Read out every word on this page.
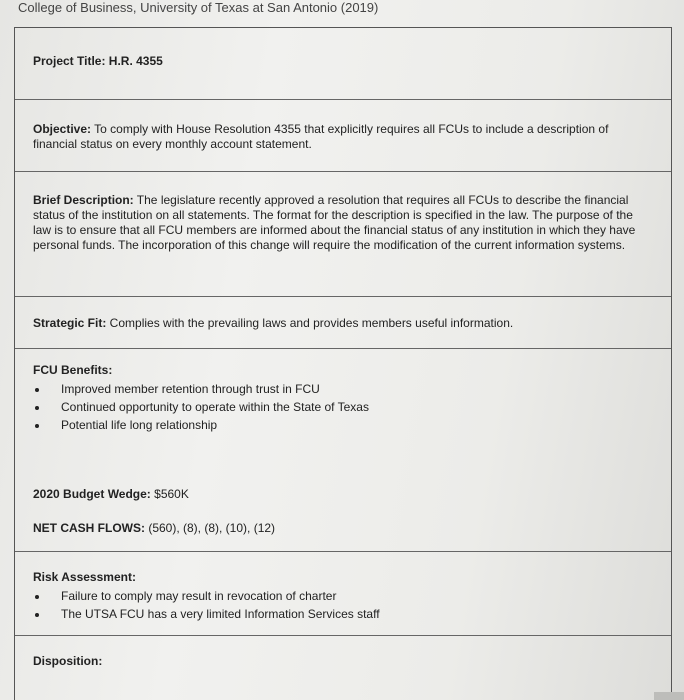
College of Business, University of Texas at San Antonio (2019)
Project Title: H.R. 4355
Objective: To comply with House Resolution 4355 that explicitly requires all FCUs to include a description of financial status on every monthly account statement.
Brief Description: The legislature recently approved a resolution that requires all FCUs to describe the financial status of the institution on all statements. The format for the description is specified in the law. The purpose of the law is to ensure that all FCU members are informed about the financial status of any institution in which they have personal funds. The incorporation of this change will require the modification of the current information systems.
Strategic Fit: Complies with the prevailing laws and provides members useful information.
FCU Benefits:
Improved member retention through trust in FCU
Continued opportunity to operate within the State of Texas
Potential life long relationship
2020 Budget Wedge: $560K
NET CASH FLOWS: (560), (8), (8), (10), (12)
Risk Assessment:
Failure to comply may result in revocation of charter
The UTSA FCU has a very limited Information Services staff
Disposition:
